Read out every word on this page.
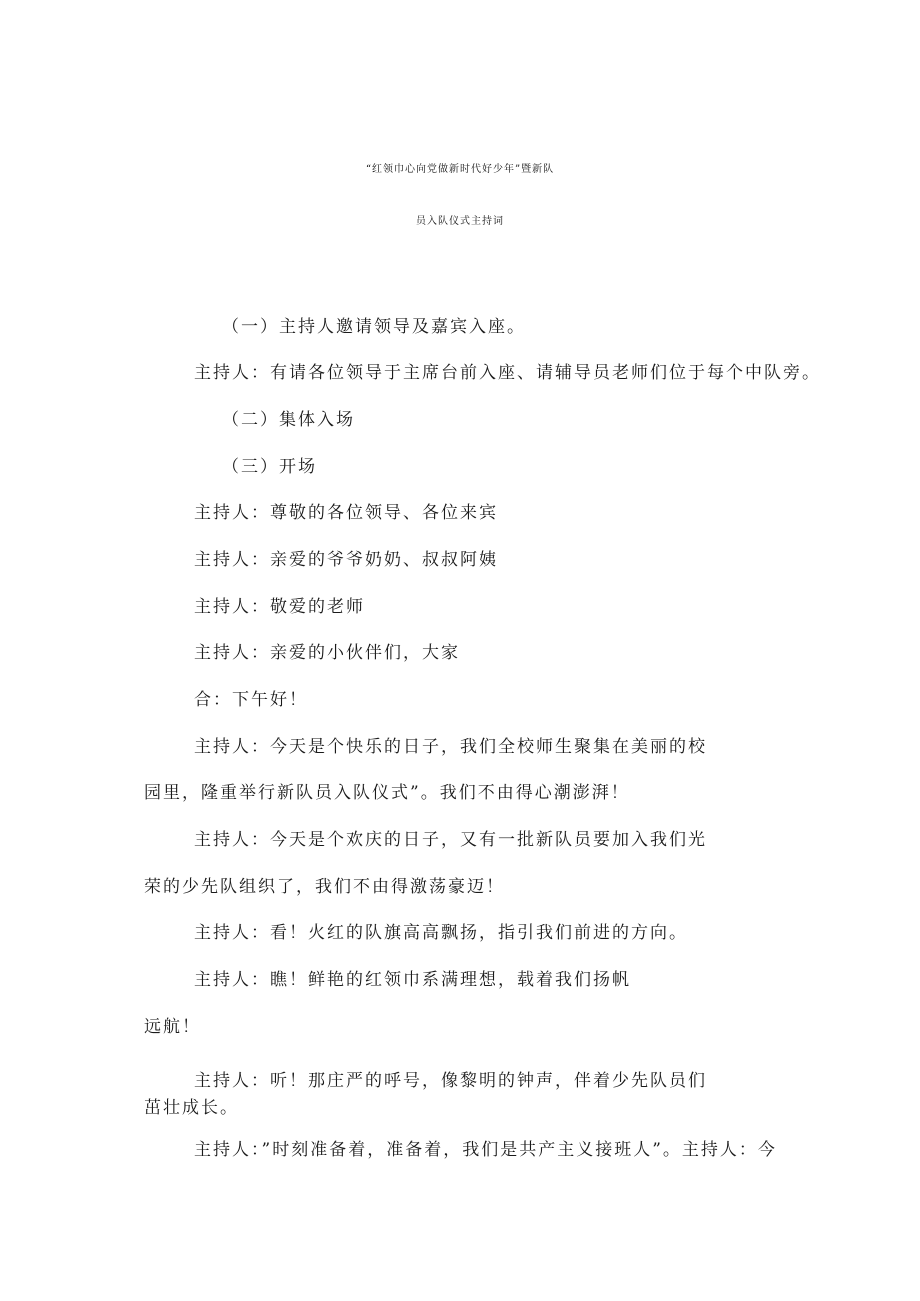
“红领巾心向党做新时代好少年”暨新队
员入队仪式主持词
（一）主持人邀请领导及嘉宾入座。
主持人：有请各位领导于主席台前入座、请辅导员老师们位于每个中队旁。
（二）集体入场
（三）开场
主持人：尊敬的各位领导、各位来宾
主持人：亲爱的爷爷奶奶、叔叔阿姨
主持人：敬爱的老师
主持人：亲爱的小伙伴们，大家
合：下午好！
主持人：今天是个快乐的日子，我们全校师生聚集在美丽的校
园里，隆重举行新队员入队仪式”。我们不由得心潮澎湃！
主持人：今天是个欢庆的日子，又有一批新队员要加入我们光
荣的少先队组织了，我们不由得激荡豪迈！
主持人：看！火红的队旗高高飘扬，指引我们前进的方向。
主持人：瞧！鲜艳的红领巾系满理想，载着我们扬帆
远航！
主持人：听！那庄严的呼号，像黎明的钟声，伴着少先队员们
茁壮成长。
主持人：”时刻准备着，准备着，我们是共产主义接班人”。主持人：今
